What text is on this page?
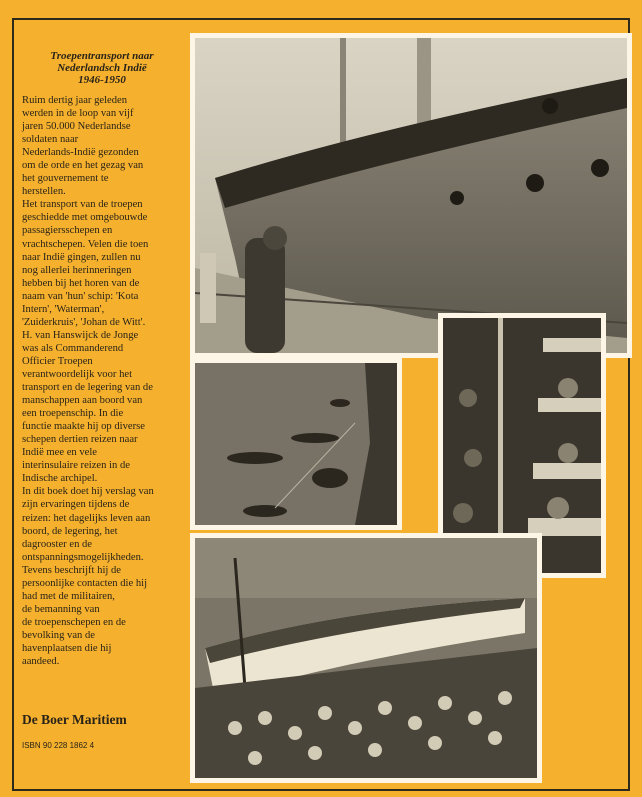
Troepentransport naar
Nederlandsch Indië
1946-1950

Ruim dertig jaar geleden
werden in de loop van vijf
jaren 50.000 Nederlandse
soldaten naar
Nederlands-Indië gezonden
om de orde en het gezag van
het gouvernement te
herstellen.
Het transport van de troepen
geschiedde met omgebouwde
passagiersschepen en
vrachtschepen. Velen die toen
naar Indië gingen, zullen nu
nog allerlei herinneringen
hebben bij het horen van de
naam van 'hun' schip: 'Kota
Intern', 'Waterman',
'Zuiderkruis', 'Johan de Witt'.
H. van Hanswijck de Jonge
was als Commanderend
Officier Troepen
verantwoordelijk voor het
transport en de legering van de
manschappen aan boord van
een troepenschip. In die
functie maakte hij op diverse
schepen dertien reizen naar
Indië mee en vele
interinsulaire reizen in de
Indische archipel.
In dit boek doet hij verslag van
zijn ervaringen tijdens de
reizen: het dagelijks leven aan
boord, de legering, het
dagrooster en de
ontspanningsmogelijkheden.
Tevens beschrijft hij de
persoonlijke contacten die hij
had met de militairen,
de bemanning van
de troepenschepen en de
bevolking van de
havenplaatsen die hij
aandeed.

De Boer Maritiem
ISBN 90 228 1862 4
